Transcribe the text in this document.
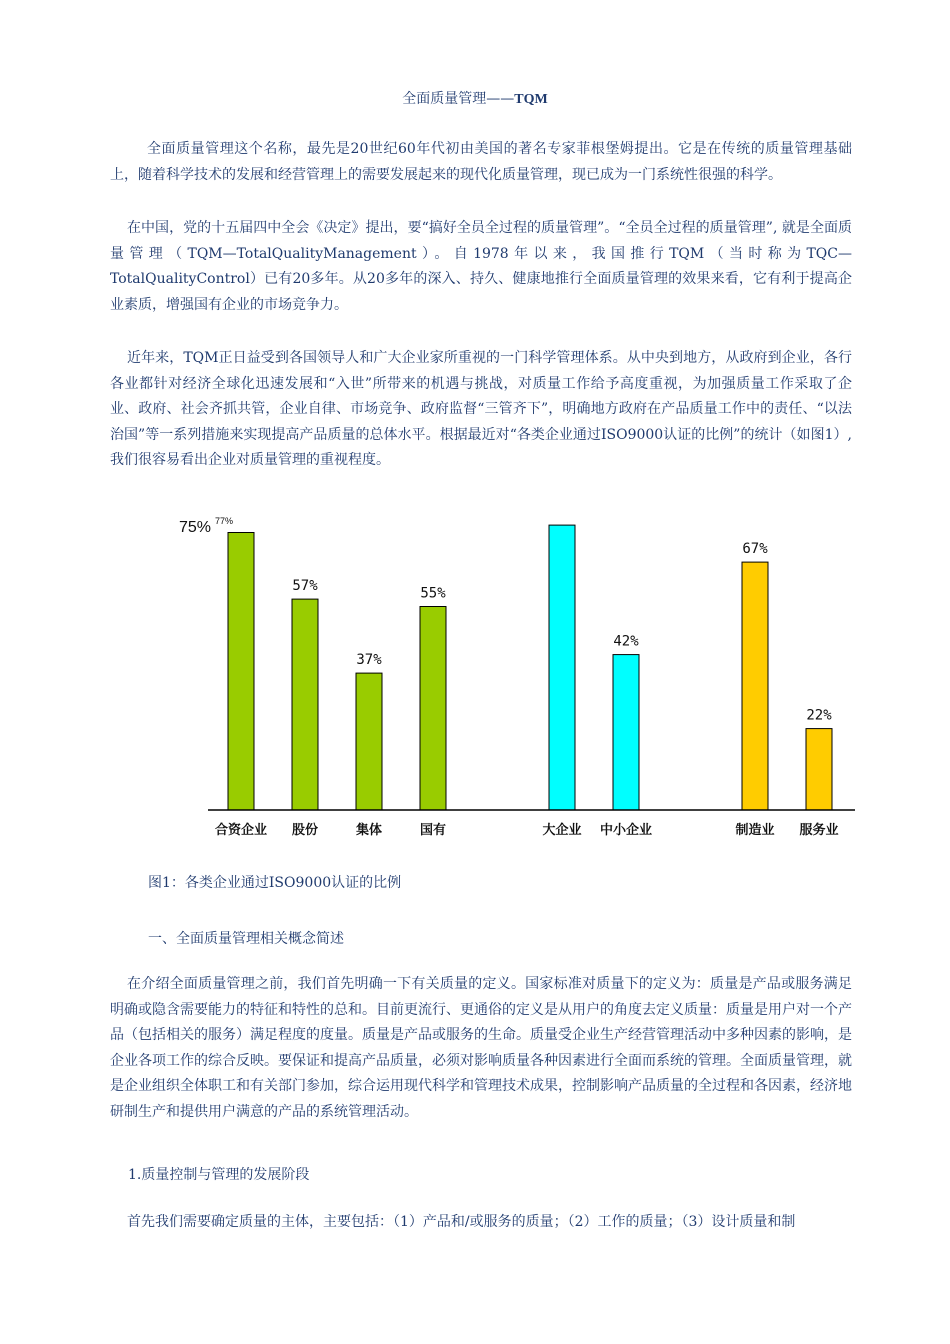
全面质量管理——TQM

全面质量管理这个名称，最先是20世纪60年代初由美国的著名专家菲根堡姆提出。它是在传统的质量管理基础上，随着科学技术的发展和经营管理上的需要发展起来的现代化质量管理，现已成为一门系统性很强的科学。

在中国，党的十五届四中全会《决定》提出，要“搞好全员全过程的质量管理”。“全员全过程的质量管理”, 就是全面质量管理（TQM—TotalQualityManagement）。自1978年以来，我国推行TQM（当时称为TQC—TotalQualityControl）已有20多年。从20多年的深入、持久、健康地推行全面质量管理的效果来看，它有利于提高企业素质，增强国有企业的市场竞争力。

近年来，TQM正日益受到各国领导人和广大企业家所重视的一门科学管理体系。从中央到地方，从政府到企业，各行各业都针对经济全球化迅速发展和“入世”所带来的机遇与挑战，对质量工作给予高度重视，为加强质量工作采取了企业、政府、社会齐抓共管，企业自律、市场竞争、政府监督“三管齐下”，明确地方政府在产品质量工作中的责任、“以法治国”等一系列措施来实现提高产品质量的总体水平。根据最近对“各类企业通过ISO9000认证的比例”的统计（如图1）, 我们很容易看出企业对质量管理的重视程度。

合资企业
75%
股份
57%
集体
37%
国有
55%
大企业
77%
中小企业
42%
制造业
67%
服务业
22%
图1：各类企业通过ISO9000认证的比例
一、全面质量管理相关概念简述

在介绍全面质量管理之前，我们首先明确一下有关质量的定义。国家标准对质量下的定义为：质量是产品或服务满足明确或隐含需要能力的特征和特性的总和。目前更流行、更通俗的定义是从用户的角度去定义质量：质量是用户对一个产品（包括相关的服务）满足程度的度量。质量是产品或服务的生命。质量受企业生产经营管理活动中多种因素的影响，是企业各项工作的综合反映。要保证和提高产品质量，必须对影响质量各种因素进行全面而系统的管理。全面质量管理，就是企业组织全体职工和有关部门参加，综合运用现代科学和管理技术成果，控制影响产品质量的全过程和各因素，经济地研制生产和提供用户满意的产品的系统管理活动。

1.质量控制与管理的发展阶段

首先我们需要确定质量的主体，主要包括：（1）产品和/或服务的质量；（2）工作的质量；（3）设计质量和制
